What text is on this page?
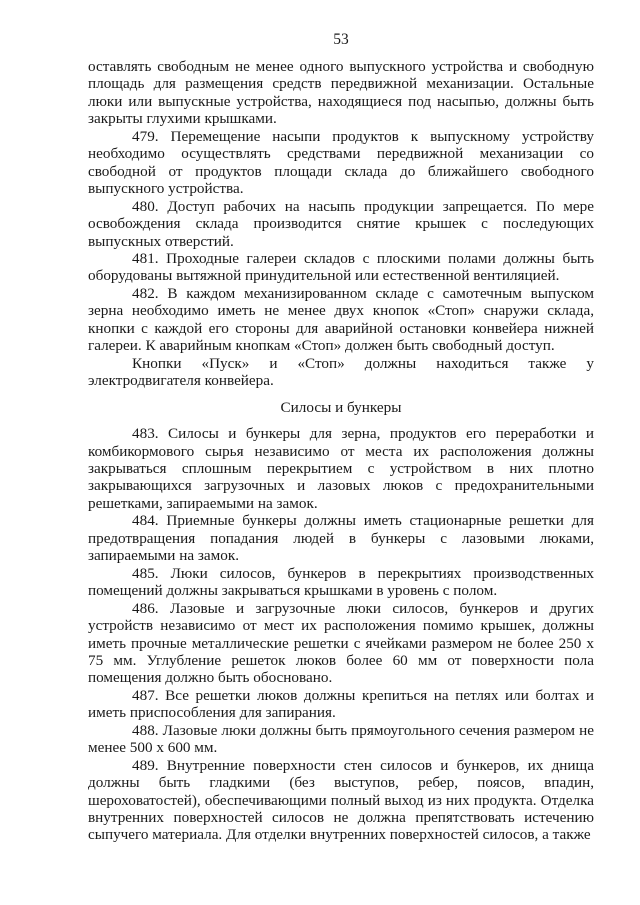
53

оставлять свободным не менее одного выпускного устройства и свободную площадь для размещения средств передвижной механизации. Остальные люки или выпускные устройства, находящиеся под насыпью, должны быть закрыты глухими крышками.

479. Перемещение насыпи продуктов к выпускному устройству необходимо осуществлять средствами передвижной механизации со свободной от продуктов площади склада до ближайшего свободного выпускного устройства.

480. Доступ рабочих на насыпь продукции запрещается. По мере освобождения склада производится снятие крышек с последующих выпускных отверстий.

481. Проходные галереи складов с плоскими полами должны быть оборудованы вытяжной принудительной или естественной вентиляцией.

482. В каждом механизированном складе с самотечным выпуском зерна необходимо иметь не менее двух кнопок «Стоп» снаружи склада, кнопки с каждой его стороны для аварийной остановки конвейера нижней галереи. К аварийным кнопкам «Стоп» должен быть свободный доступ.

Кнопки «Пуск» и «Стоп» должны находиться также у электродвигателя конвейера.

Силосы и бункеры

483. Силосы и бункеры для зерна, продуктов его переработки и комбикормового сырья независимо от места их расположения должны закрываться сплошным перекрытием с устройством в них плотно закрывающихся загрузочных и лазовых люков с предохранительными решетками, запираемыми на замок.

484. Приемные бункеры должны иметь стационарные решетки для предотвращения попадания людей в бункеры с лазовыми люками, запираемыми на замок.

485. Люки силосов, бункеров в перекрытиях производственных помещений должны закрываться крышками в уровень с полом.

486. Лазовые и загрузочные люки силосов, бункеров и других устройств независимо от мест их расположения помимо крышек, должны иметь прочные металлические решетки с ячейками размером не более 250 х 75 мм. Углубление решеток люков более 60 мм от поверхности пола помещения должно быть обосновано.

487. Все решетки люков должны крепиться на петлях или болтах и иметь приспособления для запирания.

488. Лазовые люки должны быть прямоугольного сечения размером не менее 500 х 600 мм.

489. Внутренние поверхности стен силосов и бункеров, их днища должны быть гладкими (без выступов, ребер, поясов, впадин, шероховатостей), обеспечивающими полный выход из них продукта. Отделка внутренних поверхностей силосов не должна препятствовать истечению сыпучего материала. Для отделки внутренних поверхностей силосов, а также
